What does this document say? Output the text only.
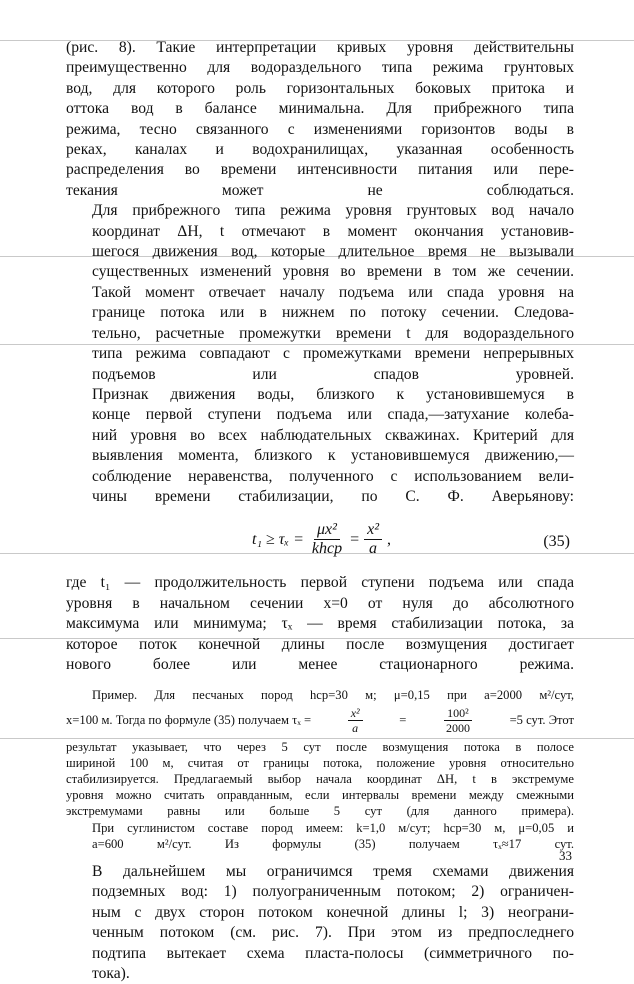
(рис. 8). Такие интерпретации кривых уровня действительны
преимущественно для водораздельного типа режима грунтовых
вод, для которого роль горизонтальных боковых притока и
оттока вод в балансе минимальна. Для прибрежного типа
режима, тесно связанного с изменениями горизонтов воды в
реках, каналах и водохранилищах, указанная особенность
распределения во времени интенсивности питания или пере-
текания может не соблюдаться.

Для прибрежного типа режима уровня грунтовых вод начало
координат ΔH, t отмечают в момент окончания установив-
шегося движения вод, которые длительное время не вызывали
существенных изменений уровня во времени в том же сечении.
Такой момент отвечает началу подъема или спада уровня на
границе потока или в нижнем по потоку сечении. Следова-
тельно, расчетные промежутки времени t для водораздельного
типа режима совпадают с промежутками времени непрерывных
подъемов или спадов уровней.

Признак движения воды, близкого к установившемуся в
конце первой ступени подъема или спада,—затухание колеба-
ний уровня во всех наблюдательных скважинах. Критерий для
выявления момента, близкого к установившемуся движению,—
соблюдение неравенства, полученного с использованием вели-
чины времени стабилизации, по С. Ф. Аверьянову:

$t_1 \ge \tau_x = \frac{\text{μx²}}{\text{khср}} = \frac{\text{x²}}{a}$ ,	(35)

где t₁ — продолжительность первой ступени подъема или спада
уровня в начальном сечении x=0 от нуля до абсолютного
максимума или минимума; τₓ — время стабилизации потока, за
которое поток конечной длины после возмущения достигает
нового более или менее стационарного режима.

Пример. Для песчаных пород hср=30 м; μ=0,15 при a=2000 м²/сут,

x=100 м. Тогда по формуле (35) получаем τₓ =	$\frac{\text{x²}}{a}$	=	$\frac{\text{100²}}{2000}$	=5 сут. Этот

результат указывает, что через 5 сут после возмущения потока в полосе
шириной 100 м, считая от границы потока, положение уровня относительно
стабилизируется. Предлагаемый выбор начала координат ΔH, t в экстремуме
уровня можно считать оправданным, если интервалы времени между смежными
экстремумами равны или больше 5 сут (для данного примера).

При суглинистом составе пород имеем: k=1,0 м/сут; hср=30 м, μ=0,05 и
a=600 м²/сут. Из формулы (35) получаем τₓ≈17 сут.

В дальнейшем мы ограничимся тремя схемами движения
подземных вод: 1) полуограниченным потоком; 2) ограничен-
ным с двух сторон потоком конечной длины l; 3) неограни-
ченным потоком (см. рис. 7). При этом из предпоследнего
подтипа вытекает схема пласта-полосы (симметричного по-
тока).

33
